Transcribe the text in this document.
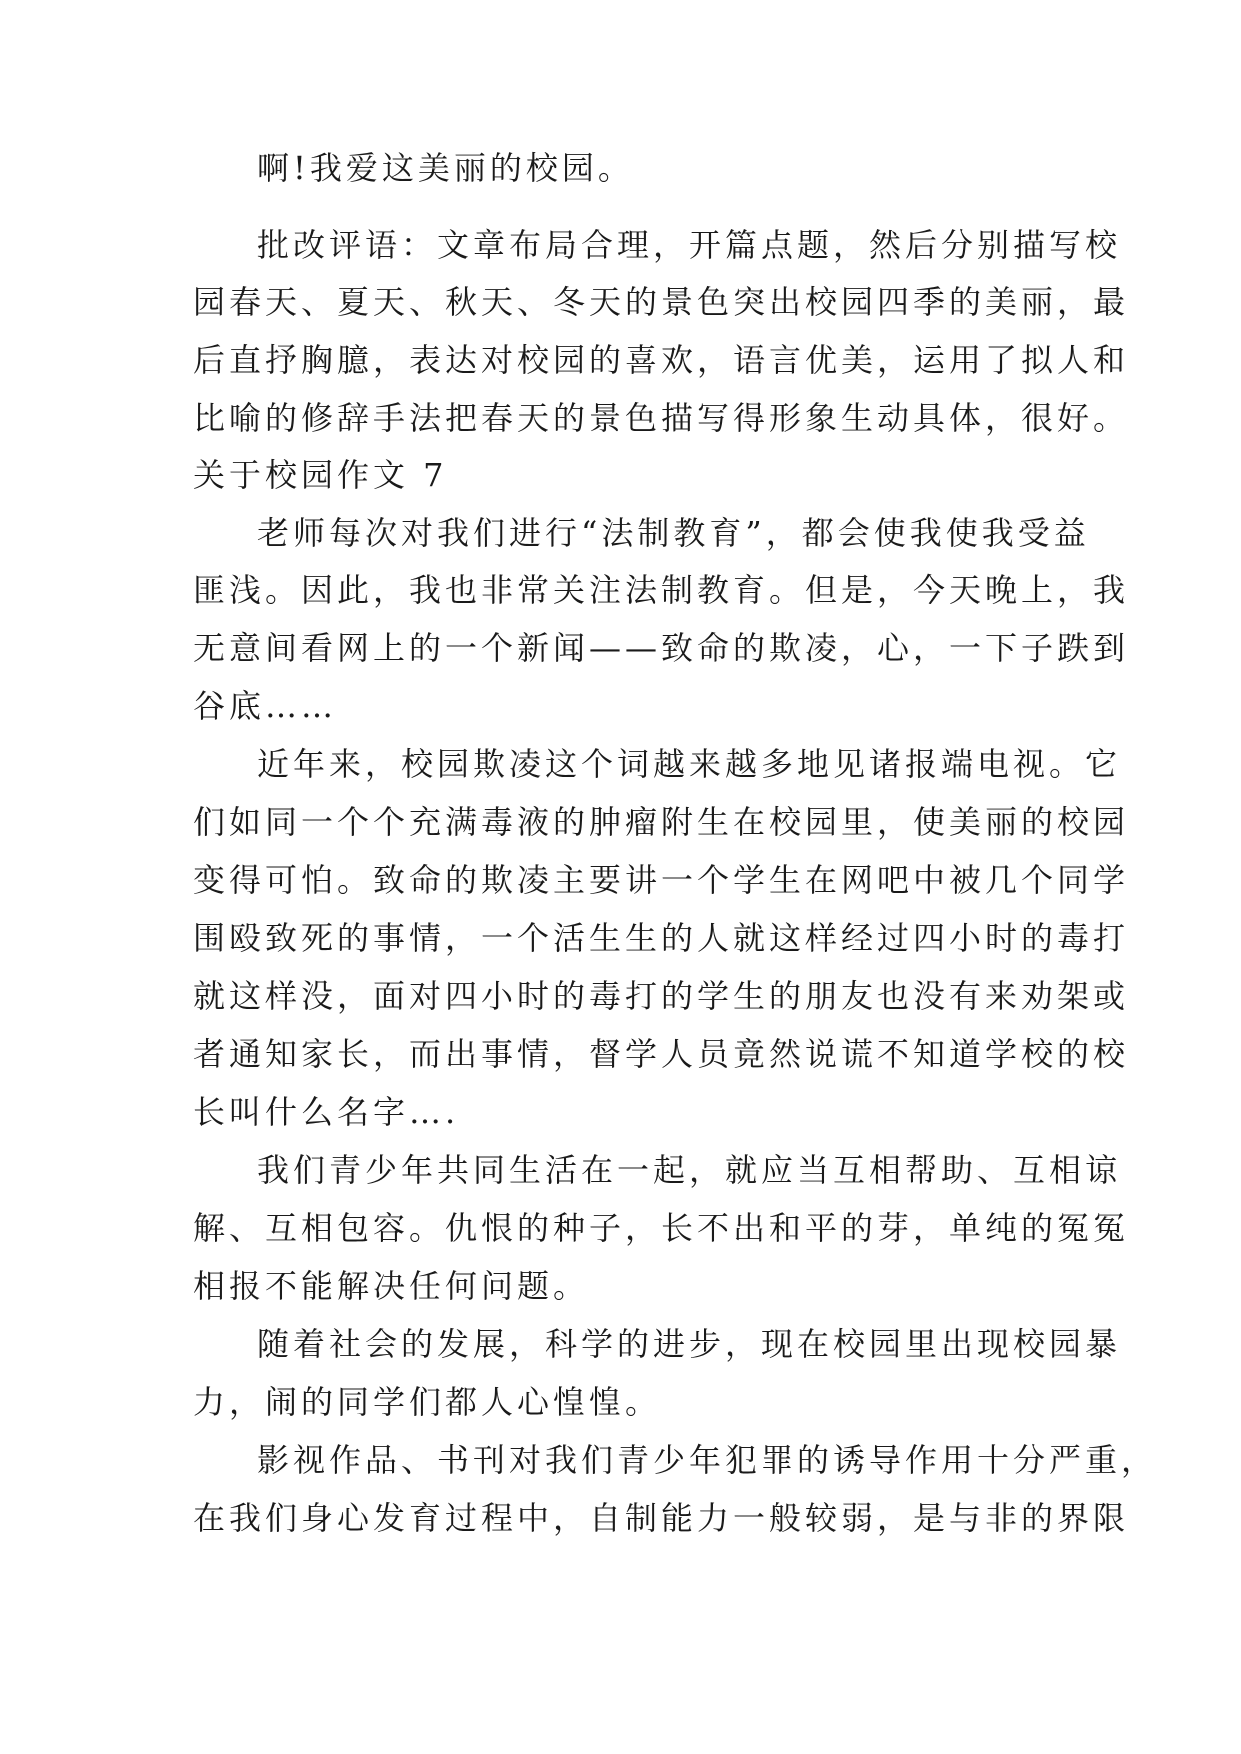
啊!我爱这美丽的校园。
批改评语：文章布局合理，开篇点题，然后分别描写校
园春天、夏天、秋天、冬天的景色突出校园四季的美丽，最
后直抒胸臆，表达对校园的喜欢，语言优美，运用了拟人和
比喻的修辞手法把春天的景色描写得形象生动具体，很好。
关于校园作文 7
老师每次对我们进行“法制教育”，都会使我使我受益
匪浅。因此，我也非常关注法制教育。但是，今天晚上，我
无意间看网上的一个新闻——致命的欺凌，心，一下子跌到
谷底……
近年来，校园欺凌这个词越来越多地见诸报端电视。它
们如同一个个充满毒液的肿瘤附生在校园里，使美丽的校园
变得可怕。致命的欺凌主要讲一个学生在网吧中被几个同学
围殴致死的事情，一个活生生的人就这样经过四小时的毒打
就这样没，面对四小时的毒打的学生的朋友也没有来劝架或
者通知家长，而出事情，督学人员竟然说谎不知道学校的校
长叫什么名字….
我们青少年共同生活在一起，就应当互相帮助、互相谅
解、互相包容。仇恨的种子，长不出和平的芽，单纯的冤冤
相报不能解决任何问题。
随着社会的发展，科学的进步，现在校园里出现校园暴
力，闹的同学们都人心惶惶。
影视作品、书刊对我们青少年犯罪的诱导作用十分严重，
在我们身心发育过程中，自制能力一般较弱，是与非的界限
